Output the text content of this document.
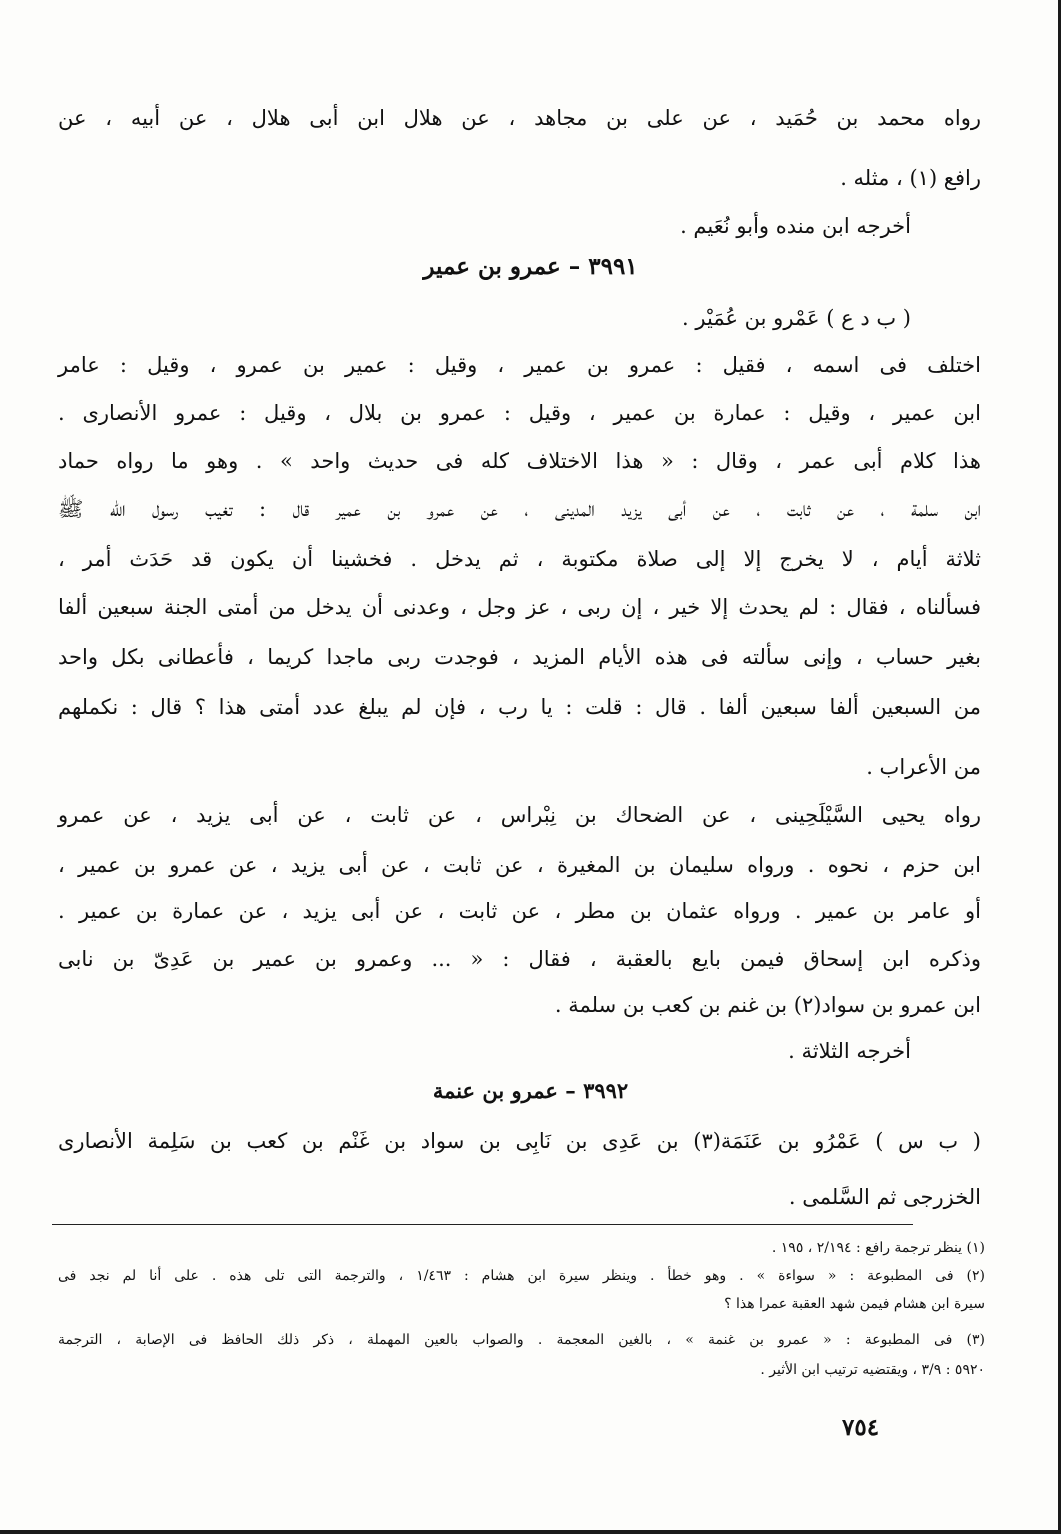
رواه محمد بن حُمَيد ، عن على بن مجاهد ، عن هلال ابن أبى هلال ، عن أبيه ، عن
رافع (١) ، مثله .
أخرجه ابن منده وأبو نُعَيم .
٣٩٩١ – عمرو بن عمير
( ب د ع ) عَمْرو بن عُمَيْر .
اختلف فى اسمه ، فقيل : عمرو بن عمير ، وقيل : عمير بن عمرو ، وقيل : عامر
ابن عمير ، وقيل : عمارة بن عمير ، وقيل : عمرو بن بلال ، وقيل : عمرو الأنصارى .
هذا كلام أبى عمر ، وقال : « هذا الاختلاف كله فى حديث واحد » . وهو ما رواه حماد
ابن سلمة ، عن ثابت ، عن أبى يزيد المدينى ، عن عمرو بن عمير قال : تغيب رسول الله ﷺ
ثلاثة أيام ، لا يخرج إلا إلى صلاة مكتوبة ، ثم يدخل . فخشينا أن يكون قد حَدَث أمر ،
فسألناه ، فقال : لم يحدث إلا خير ، إن ربى ، عز وجل ، وعدنى أن يدخل من أمتى الجنة سبعين ألفا
بغير حساب ، وإنى سألته فى هذه الأيام المزيد ، فوجدت ربى ماجدا كريما ، فأعطانى بكل واحد
من السبعين ألفا سبعين ألفا . قال : قلت : يا رب ، فإن لم يبلغ عدد أمتى هذا ؟ قال : نكملهم
من الأعراب .
رواه يحيى السَّيْلَحِينى ، عن الضحاك بن نِبْراس ، عن ثابت ، عن أبى يزيد ، عن عمرو
ابن حزم ، نحوه . ورواه سليمان بن المغيرة ، عن ثابت ، عن أبى يزيد ، عن عمرو بن عمير ،
أو عامر بن عمير . ورواه عثمان بن مطر ، عن ثابت ، عن أبى يزيد ، عن عمارة بن عمير .
وذكره ابن إسحاق فيمن بايع بالعقبة ، فقال : « ... وعمرو بن عمير بن عَدِىّ بن نابى
ابن عمرو بن سواد(٢) بن غنم بن كعب بن سلمة .
أخرجه الثلاثة .
٣٩٩٢ – عمرو بن عنمة
( ب س ) عَمْرُو بن عَنَمَة(٣) بن عَدِى بن نَابِى بن سواد بن غَنْم بن كعب بن سَلِمة الأنصارى
الخزرجى ثم السَّلمى .
(١) ينظر ترجمة رافع : ٢/١٩٤ ، ١٩٥ .
(٢) فى المطبوعة : « سواءة » . وهو خطأ . وينظر سيرة ابن هشام : ١/٤٦٣ ، والترجمة التى تلى هذه . على أنا لم نجد فى
سيرة ابن هشام فيمن شهد العقبة عمرا هذا ؟
(٣) فى المطبوعة : « عمرو بن غنمة » ، بالغين المعجمة . والصواب بالعين المهملة ، ذكر ذلك الحافظ فى الإصابة ، الترجمة
٥٩٢٠ : ٣/٩ ، ويقتضيه ترتيب ابن الأثير .
٧٥٤
